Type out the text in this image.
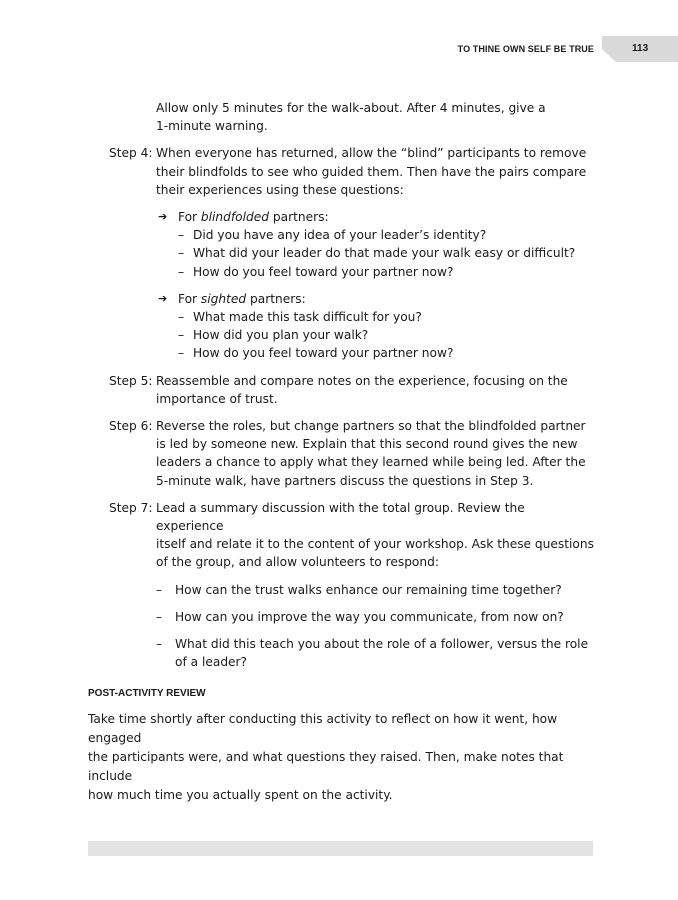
TO THINE OWN SELF BE TRUE	113
Allow only 5 minutes for the walk-about. After 4 minutes, give a
1-minute warning.
Step 4: When everyone has returned, allow the “blind” participants to remove
their blindfolds to see who guided them. Then have the pairs compare
their experiences using these questions:
➔ For blindfolded partners:
– Did you have any idea of your leader’s identity?
– What did your leader do that made your walk easy or difficult?
– How do you feel toward your partner now?
➔ For sighted partners:
– What made this task difficult for you?
– How did you plan your walk?
– How do you feel toward your partner now?
Step 5: Reassemble and compare notes on the experience, focusing on the
importance of trust.
Step 6: Reverse the roles, but change partners so that the blindfolded partner
is led by someone new. Explain that this second round gives the new
leaders a chance to apply what they learned while being led. After the
5-minute walk, have partners discuss the questions in Step 3.
Step 7: Lead a summary discussion with the total group. Review the experience
itself and relate it to the content of your workshop. Ask these questions
of the group, and allow volunteers to respond:
– How can the trust walks enhance our remaining time together?
– How can you improve the way you communicate, from now on?
– What did this teach you about the role of a follower, versus the role
of a leader?
POST-ACTIVITY REVIEW
Take time shortly after conducting this activity to reflect on how it went, how engaged
the participants were, and what questions they raised. Then, make notes that include
how much time you actually spent on the activity.
